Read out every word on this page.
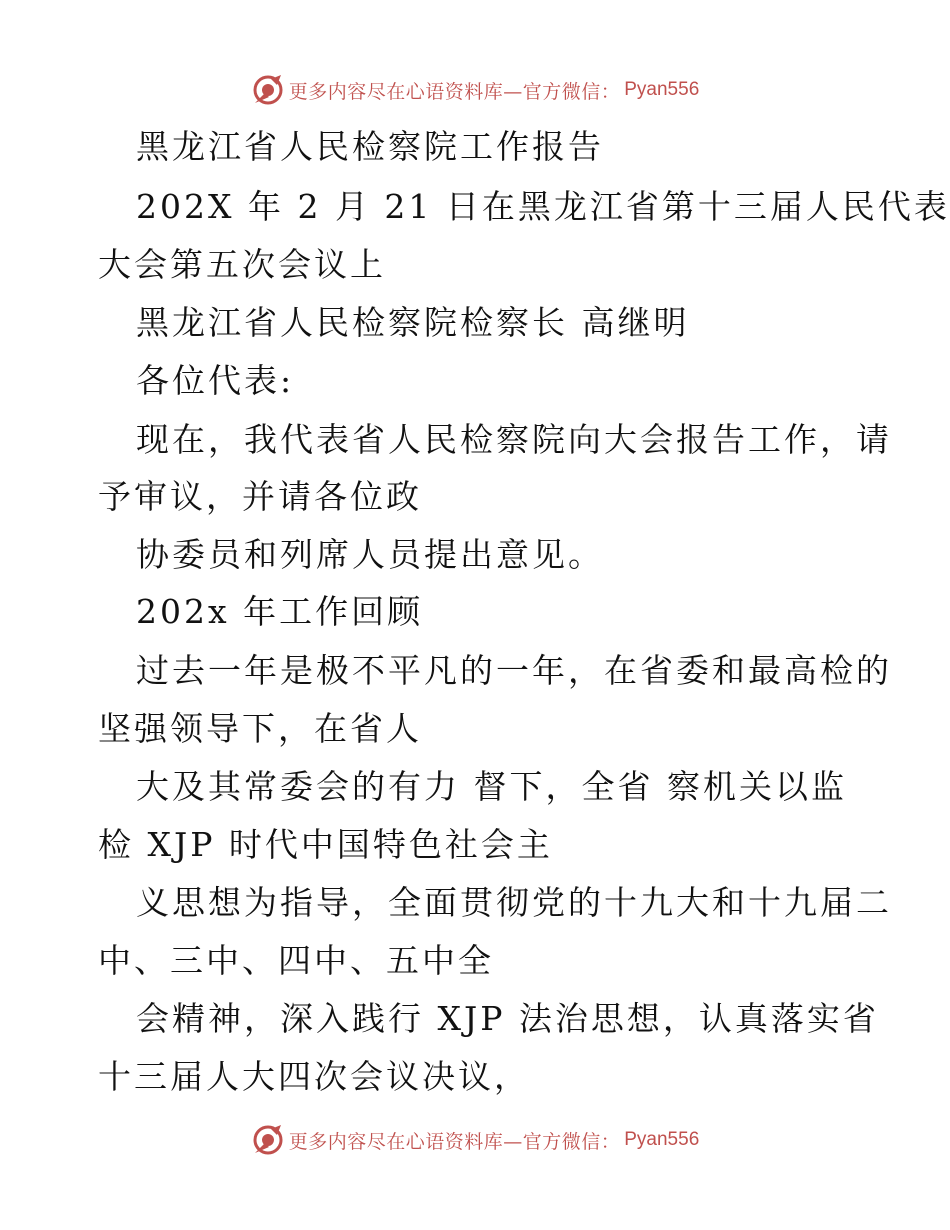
更多内容尽在心语资料库—官方微信： Pyan556
黑龙江省人民检察院工作报告
202X 年 2 月 21 日在黑龙江省第十三届人民代表
大会第五次会议上
黑龙江省人民检察院检察长 高继明
各位代表:
现在，我代表省人民检察院向大会报告工作，请
予审议，并请各位政
协委员和列席人员提出意见。
202x 年工作回顾
过去一年是极不平凡的一年，在省委和最高检的
坚强领导下，在省人
大及其常委会的有力 督下，全省 察机关以监
检 XJP 时代中国特色社会主
义思想为指导，全面贯彻党的十九大和十九届二
中、三中、四中、五中全
会精神，深入践行 XJP 法治思想，认真落实省
十三届人大四次会议决议，
更多内容尽在心语资料库—官方微信： Pyan556
